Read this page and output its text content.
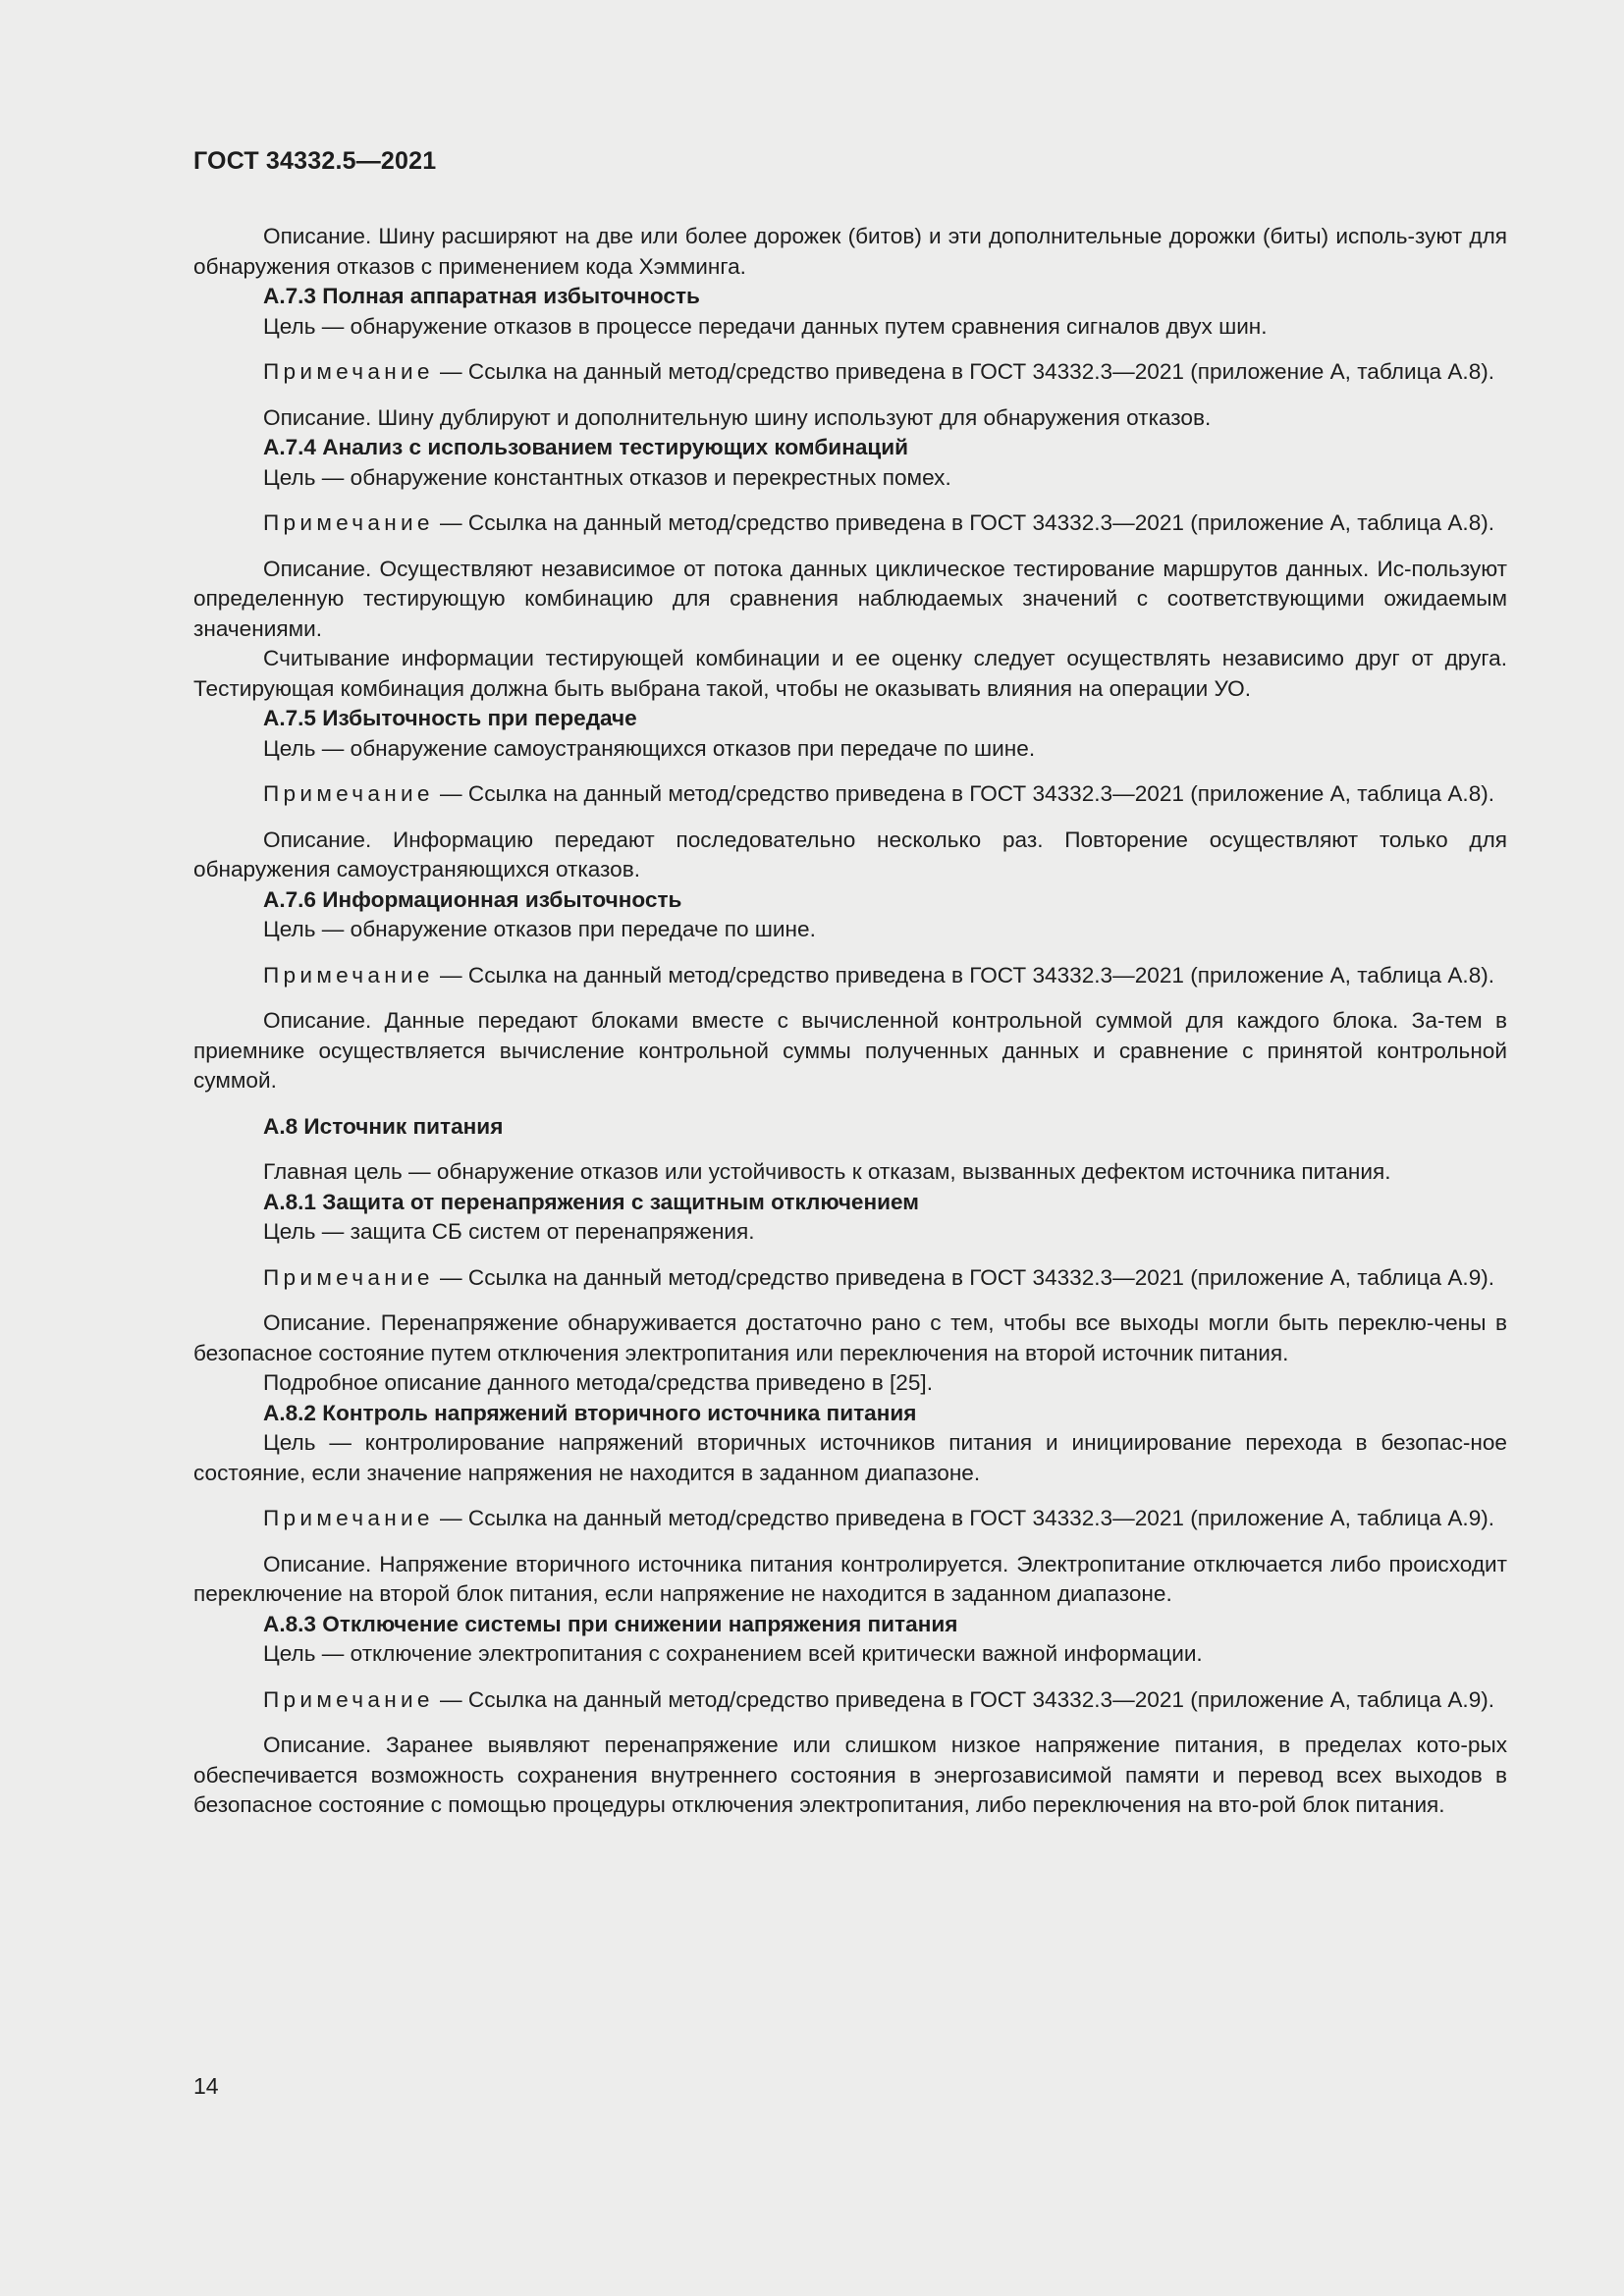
ГОСТ 34332.5—2021

Описание. Шину расширяют на две или более дорожек (битов) и эти дополнительные дорожки (биты) исполь-зуют для обнаружения отказов с применением кода Хэмминга.

А.7.3 Полная аппаратная избыточность

Цель — обнаружение отказов в процессе передачи данных путем сравнения сигналов двух шин.

Примечание — Ссылка на данный метод/средство приведена в ГОСТ 34332.3—2021 (приложение А, таблица А.8).

Описание. Шину дублируют и дополнительную шину используют для обнаружения отказов.

А.7.4 Анализ с использованием тестирующих комбинаций

Цель — обнаружение константных отказов и перекрестных помех.

Примечание — Ссылка на данный метод/средство приведена в ГОСТ 34332.3—2021 (приложение А, таблица А.8).

Описание. Осуществляют независимое от потока данных циклическое тестирование маршрутов данных. Ис-пользуют определенную тестирующую комбинацию для сравнения наблюдаемых значений с соответствующими ожидаемым значениями.

Считывание информации тестирующей комбинации и ее оценку следует осуществлять независимо друг от друга. Тестирующая комбинация должна быть выбрана такой, чтобы не оказывать влияния на операции УО.

А.7.5 Избыточность при передаче

Цель — обнаружение самоустраняющихся отказов при передаче по шине.

Примечание — Ссылка на данный метод/средство приведена в ГОСТ 34332.3—2021 (приложение А, таблица А.8).

Описание. Информацию передают последовательно несколько раз. Повторение осуществляют только для обнаружения самоустраняющихся отказов.

А.7.6 Информационная избыточность

Цель — обнаружение отказов при передаче по шине.

Примечание — Ссылка на данный метод/средство приведена в ГОСТ 34332.3—2021 (приложение А, таблица А.8).

Описание. Данные передают блоками вместе с вычисленной контрольной суммой для каждого блока. За-тем в приемнике осуществляется вычисление контрольной суммы полученных данных и сравнение с принятой контрольной суммой.

А.8 Источник питания

Главная цель — обнаружение отказов или устойчивость к отказам, вызванных дефектом источника питания.

А.8.1 Защита от перенапряжения с защитным отключением

Цель — защита СБ систем от перенапряжения.

Примечание — Ссылка на данный метод/средство приведена в ГОСТ 34332.3—2021 (приложение А, таблица А.9).

Описание. Перенапряжение обнаруживается достаточно рано с тем, чтобы все выходы могли быть переклю-чены в безопасное состояние путем отключения электропитания или переключения на второй источник питания.

Подробное описание данного метода/средства приведено в [25].

А.8.2 Контроль напряжений вторичного источника питания

Цель — контролирование напряжений вторичных источников питания и инициирование перехода в безопас-ное состояние, если значение напряжения не находится в заданном диапазоне.

Примечание — Ссылка на данный метод/средство приведена в ГОСТ 34332.3—2021 (приложение А, таблица А.9).

Описание. Напряжение вторичного источника питания контролируется. Электропитание отключается либо происходит переключение на второй блок питания, если напряжение не находится в заданном диапазоне.

А.8.3 Отключение системы при снижении напряжения питания

Цель — отключение электропитания с сохранением всей критически важной информации.

Примечание — Ссылка на данный метод/средство приведена в ГОСТ 34332.3—2021 (приложение А, таблица А.9).

Описание. Заранее выявляют перенапряжение или слишком низкое напряжение питания, в пределах кото-рых обеспечивается возможность сохранения внутреннего состояния в энергозависимой памяти и перевод всех выходов в безопасное состояние с помощью процедуры отключения электропитания, либо переключения на вто-рой блок питания.

14
